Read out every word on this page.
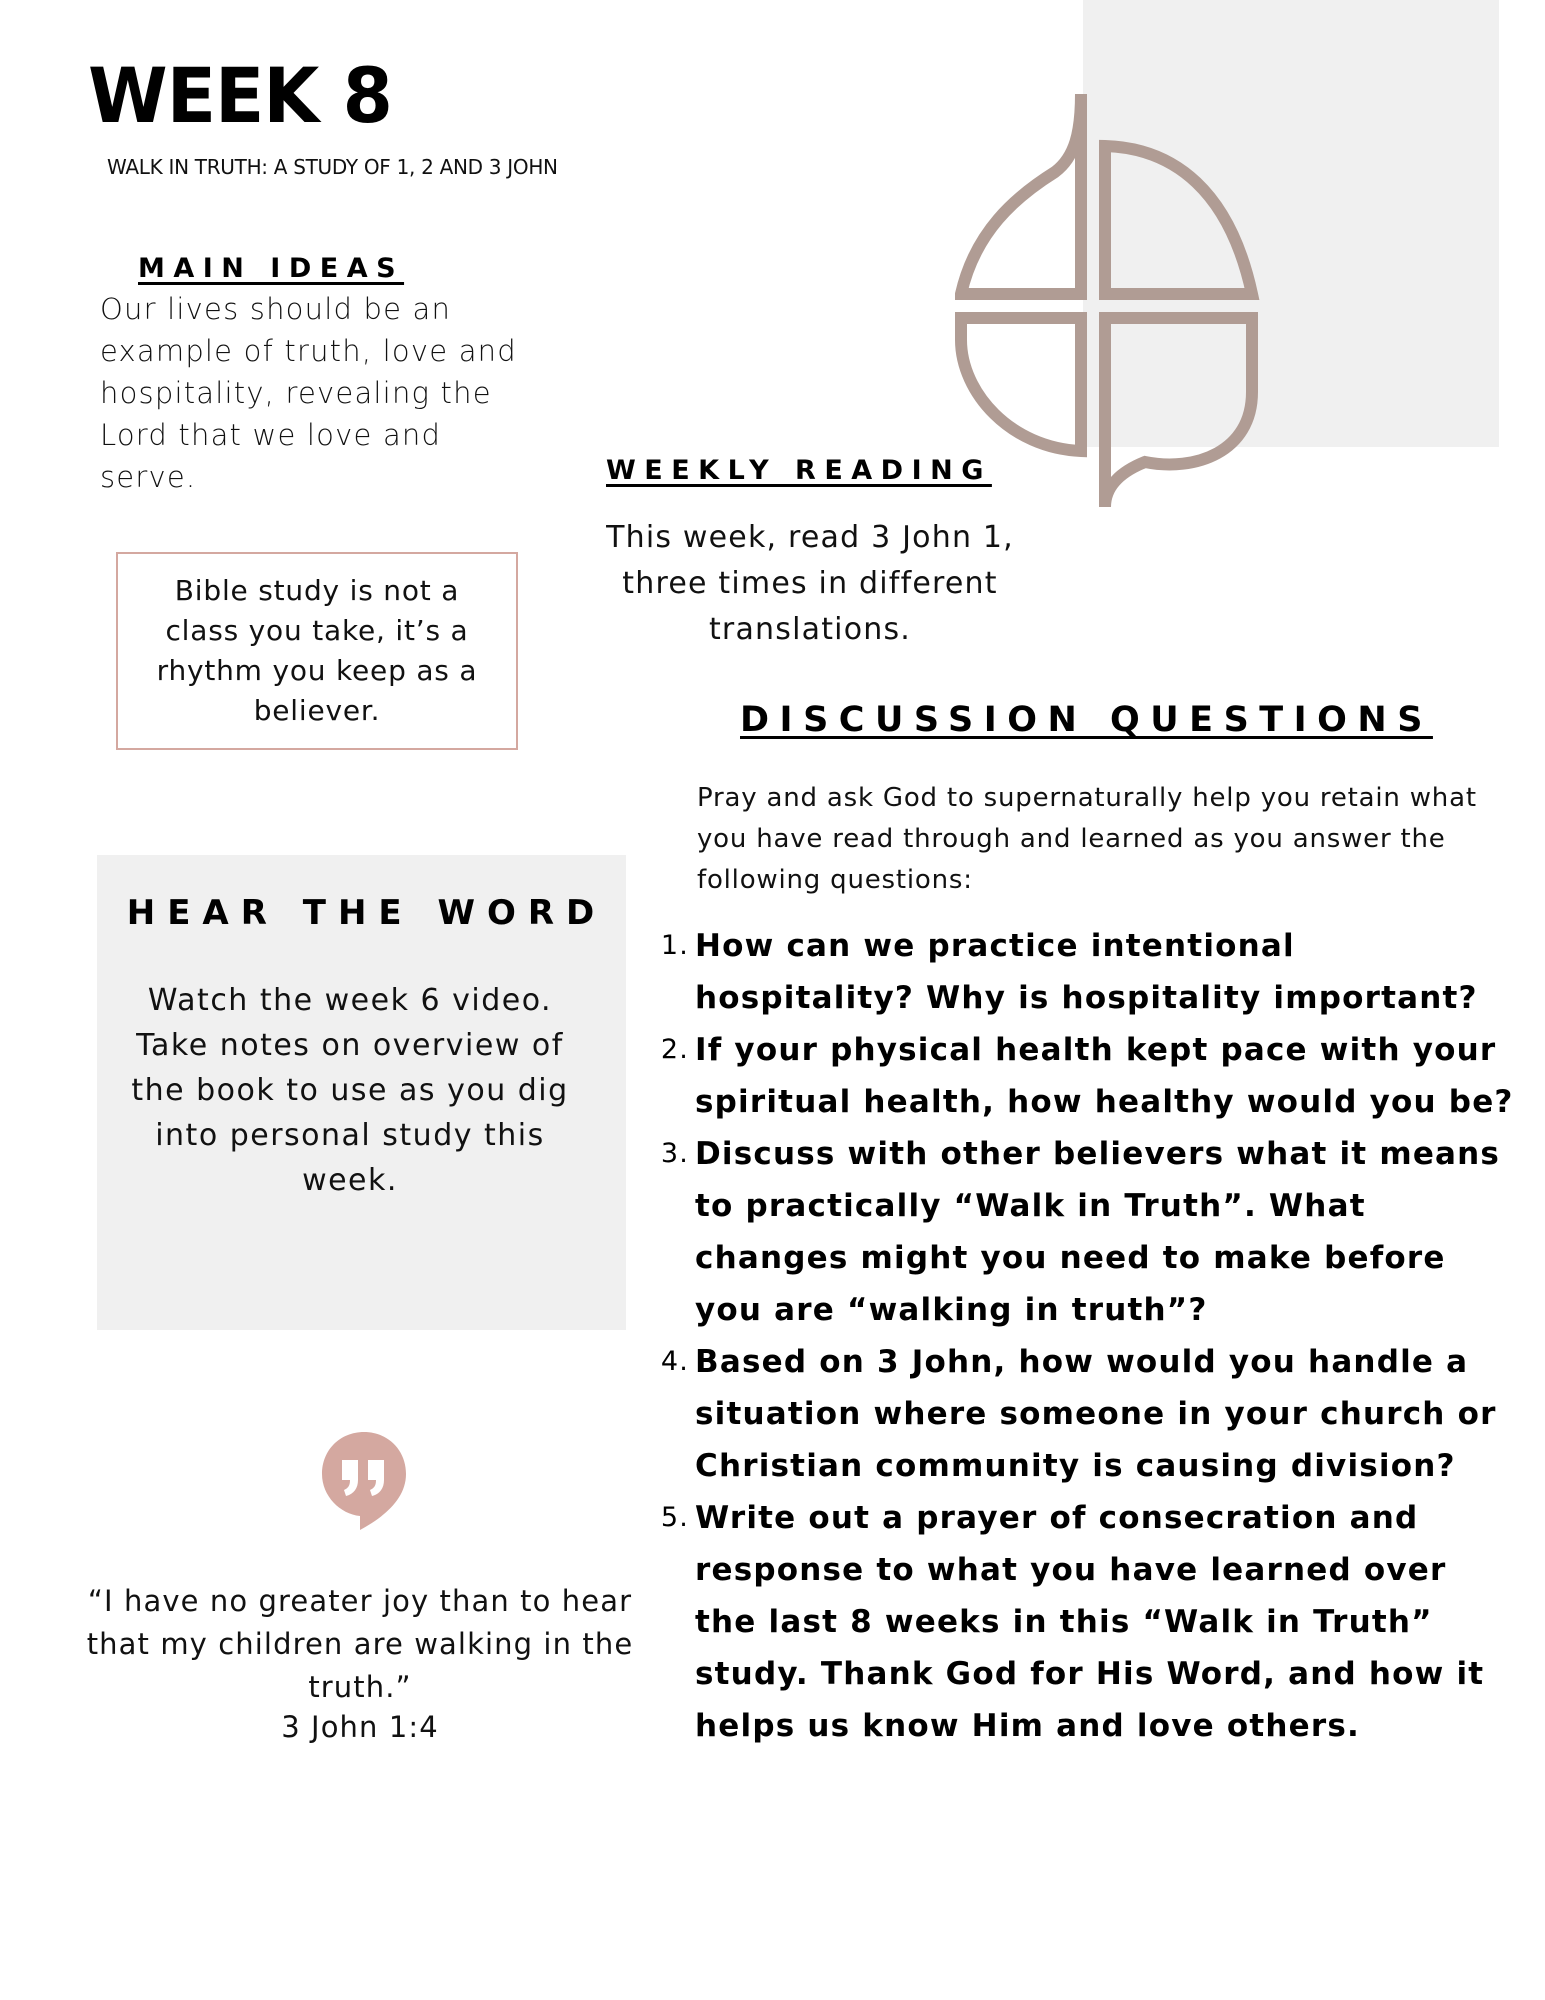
WEEK 8
WALK IN TRUTH: A STUDY OF 1, 2 AND 3 JOHN
MAIN IDEAS
Our lives should be an example of truth, love and hospitality, revealing the Lord that we love and serve.
Bible study is not a class you take, it’s a rhythm you keep as a believer.
WEEKLY READING
This week, read 3 John 1, three times in different translations.
DISCUSSION QUESTIONS
Pray and ask God to supernaturally help you retain what you have read through and learned as you answer the following questions:
1. How can we practice intentional hospitality? Why is hospitality important?
2. If your physical health kept pace with your spiritual health, how healthy would you be?
3. Discuss with other believers what it means to practically “Walk in Truth”. What changes might you need to make before you are “walking in truth”?
4. Based on 3 John, how would you handle a situation where someone in your church or Christian community is causing division?
5. Write out a prayer of consecration and response to what you have learned over the last 8 weeks in this “Walk in Truth” study. Thank God for His Word, and how it helps us know Him and love others.
HEAR THE WORD
Watch the week 6 video. Take notes on overview of the book to use as you dig into personal study this week.
“I have no greater joy than to hear that my children are walking in the truth.”
3 John 1:4
